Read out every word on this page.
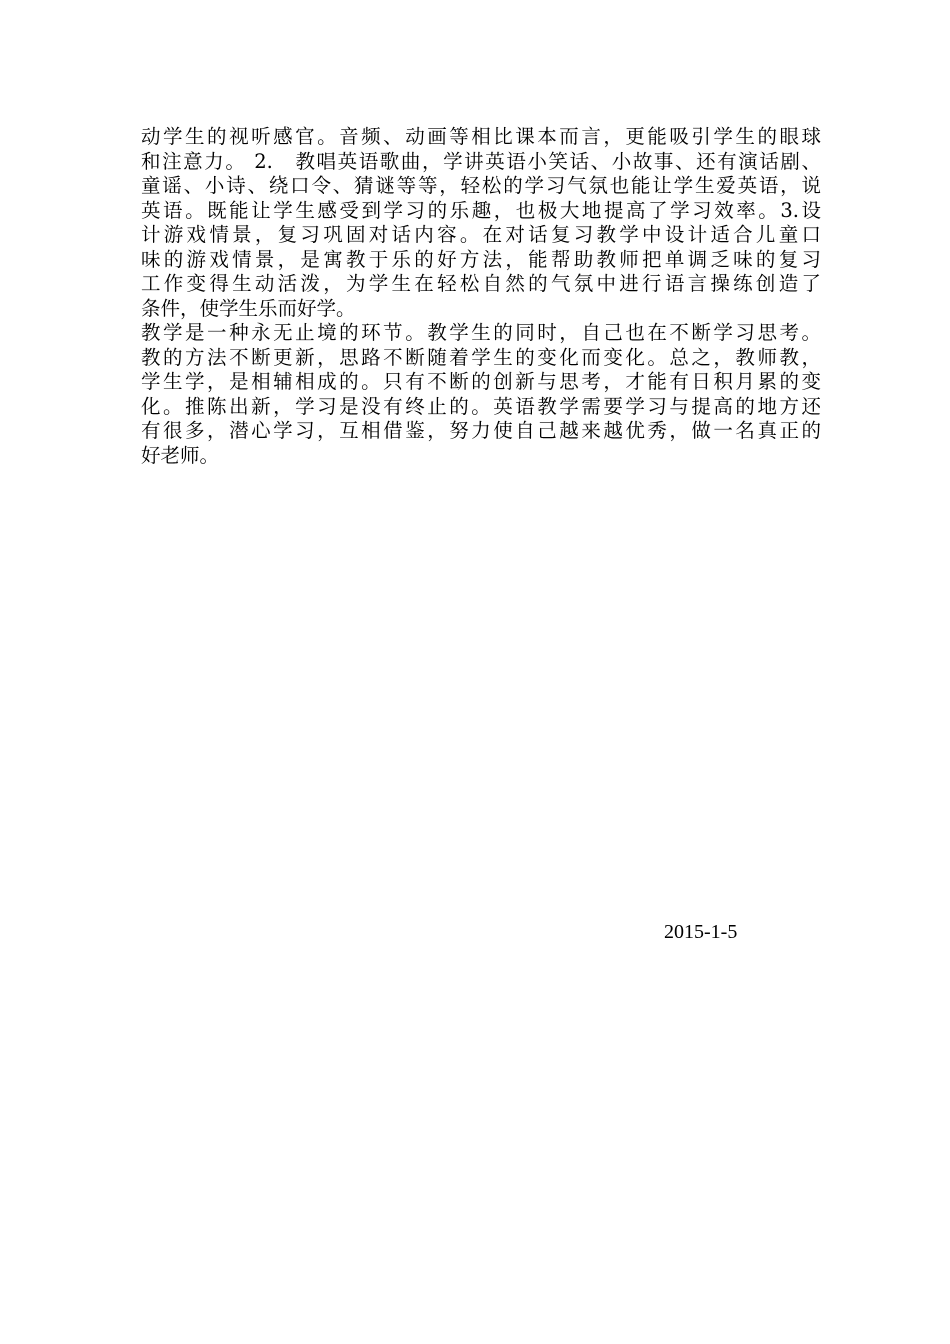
动学生的视听感官。音频、动画等相比课本而言，更能吸引学生的眼球
和注意力。 2.　教唱英语歌曲，学讲英语小笑话、小故事、还有演话剧、
童谣、小诗、绕口令、猜谜等等，轻松的学习气氛也能让学生爱英语，说
英语。既能让学生感受到学习的乐趣，也极大地提高了学习效率。3.设
计游戏情景，复习巩固对话内容。在对话复习教学中设计适合儿童口
味的游戏情景，是寓教于乐的好方法，能帮助教师把单调乏味的复习
工作变得生动活泼，为学生在轻松自然的气氛中进行语言操练创造了
条件，使学生乐而好学。
教学是一种永无止境的环节。教学生的同时，自己也在不断学习思考。
教的方法不断更新，思路不断随着学生的变化而变化。总之，教师教，
学生学，是相辅相成的。只有不断的创新与思考，才能有日积月累的变
化。推陈出新，学习是没有终止的。英语教学需要学习与提高的地方还
有很多，潜心学习，互相借鉴，努力使自己越来越优秀，做一名真正的
好老师。
2015-1-5
